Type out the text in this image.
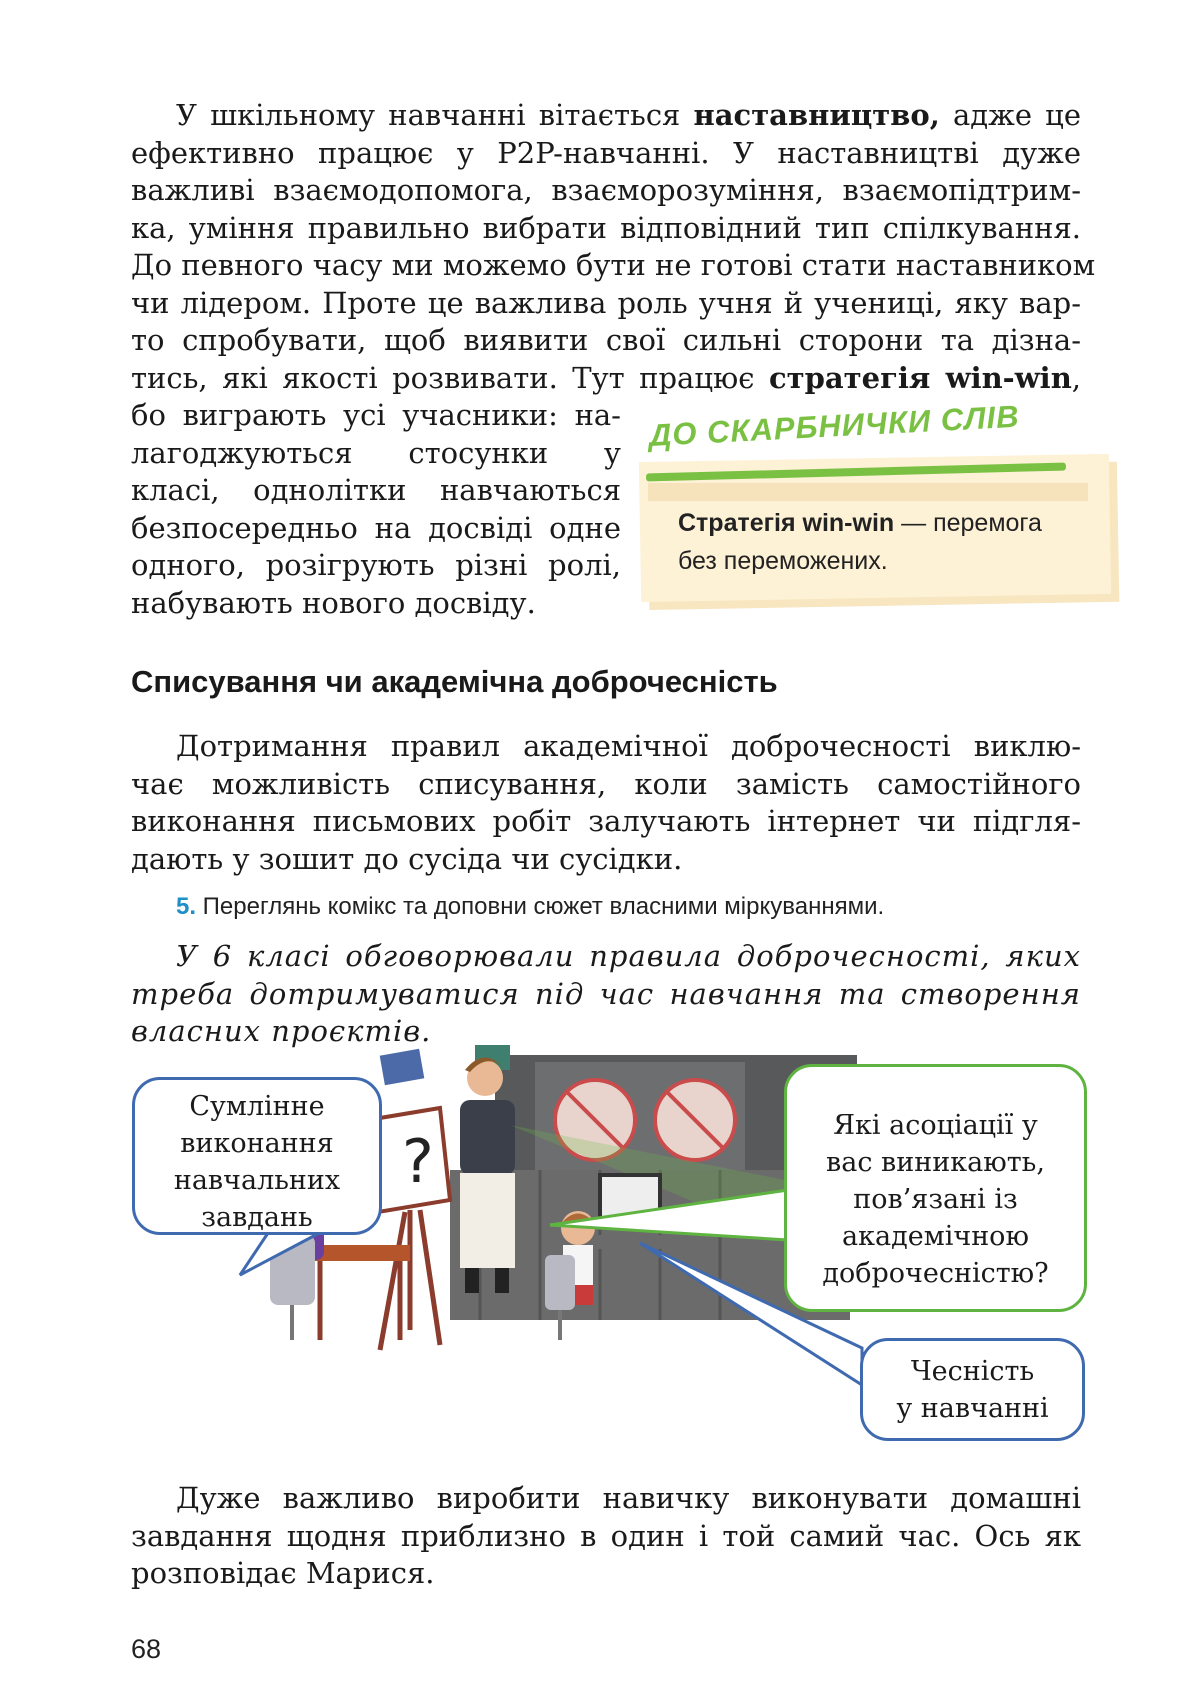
У шкільному навчанні вітається наставництво, адже це
ефективно працює у P2P-навчанні. У наставництві дуже
важливі взаємодопомога, взаєморозуміння, взаємопідтрим-
ка, уміння правильно вибрати відповідний тип спілкування.
До певного часу ми можемо бути не готові стати наставником
чи лідером. Проте це важлива роль учня й учениці, яку вар-
то спробувати, щоб виявити свої сильні сторони та дізна-
тись, які якості розвивати. Тут працює стратегія win-win,
бо виграють усі учасники: на-
лагоджуються стосунки у
класі, однолітки навчаються
безпосередньо на досвіді одне
одного, розігрують різні ролі,
набувають нового досвіду.
ДО СКАРБНИЧКИ СЛІВ
Стратегія win-win — перемога
без переможених.
Списування чи академічна доброчесність
Дотримання правил академічної доброчесності виклю-
чає можливість списування, коли замість самостійного
виконання письмових робіт залучають інтернет чи підгля-
дають у зошит до сусіда чи сусідки.
5. Переглянь комікс та доповни сюжет власними міркуваннями.
У 6 класі обговорювали правила доброчесності, яких
треба дотримуватися під час навчання та створення
власних проєктів.
?
Сумлінне
виконання
навчальних
завдань
Які асоціації у
вас виникають,
пов’язані із
академічною
доброчесністю?
Чесність
у навчанні
Дуже важливо виробити навичку виконувати домашні
завдання щодня приблизно в один і той самий час. Ось як
розповідає Марися.
68
